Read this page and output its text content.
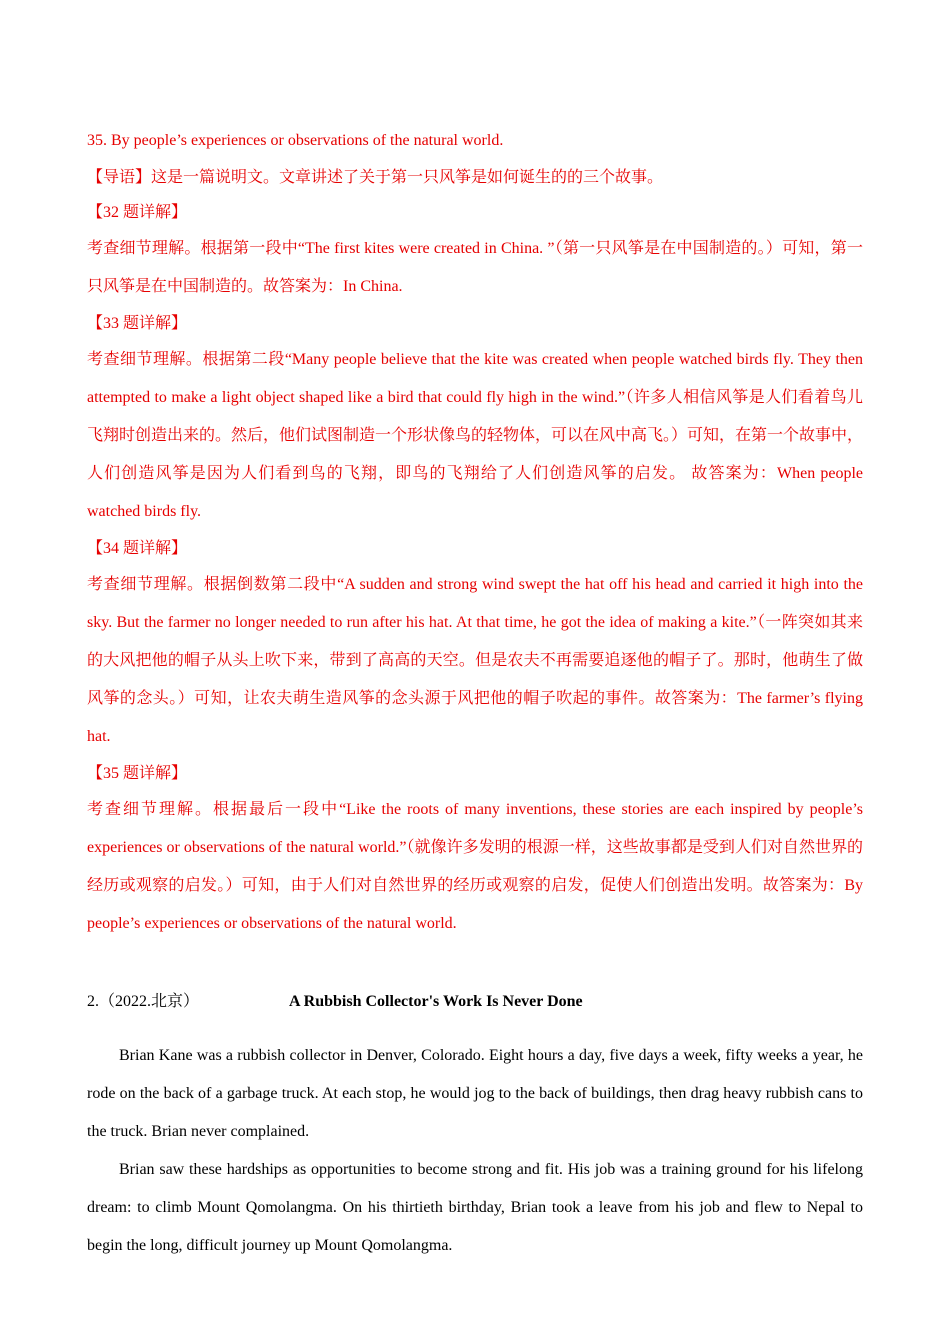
35. By people’s experiences or observations of the natural world.

【导语】这是一篇说明文。文章讲述了关于第一只风筝是如何诞生的的三个故事。

【32 题详解】

考查细节理解。根据第一段中“The first kites were created in China. ”（第一只风筝是在中国制造的。）可知，第一只风筝是在中国制造的。故答案为：In China.

【33 题详解】

考查细节理解。根据第二段“Many people believe that the kite was created when people watched birds fly. They then attempted to make a light object shaped like a bird that could fly high in the wind.”（许多人相信风筝是人们看着鸟儿飞翔时创造出来的。然后，他们试图制造一个形状像鸟的轻物体，可以在风中高飞。）可知，在第一个故事中，人们创造风筝是因为人们看到鸟的飞翔，即鸟的飞翔给了人们创造风筝的启发。 故答案为：When people watched birds fly.

【34 题详解】

考查细节理解。根据倒数第二段中“A sudden and strong wind swept the hat off his head and carried it high into the sky. But the farmer no longer needed to run after his hat. At that time, he got the idea of making a kite.”（一阵突如其来的大风把他的帽子从头上吹下来，带到了高高的天空。但是农夫不再需要追逐他的帽子了。那时，他萌生了做风筝的念头。）可知，让农夫萌生造风筝的念头源于风把他的帽子吹起的事件。故答案为：The farmer’s flying hat.

【35 题详解】

考查细节理解。根据最后一段中“Like the roots of many inventions, these stories are each inspired by people’s experiences or observations of the natural world.”（就像许多发明的根源一样，这些故事都是受到人们对自然世界的经历或观察的启发。）可知，由于人们对自然世界的经历或观察的启发，促使人们创造出发明。故答案为：By people’s experiences or observations of the natural world.

2.（2022.北京）	A Rubbish Collector's Work Is Never Done

Brian Kane was a rubbish collector in Denver, Colorado. Eight hours a day, five days a week, fifty weeks a year, he rode on the back of a garbage truck. At each stop, he would jog to the back of buildings, then drag heavy rubbish cans to the truck. Brian never complained.

Brian saw these hardships as opportunities to become strong and fit. His job was a training ground for his lifelong dream: to climb Mount Qomolangma. On his thirtieth birthday, Brian took a leave from his job and flew to Nepal to begin the long, difficult journey up Mount Qomolangma.
